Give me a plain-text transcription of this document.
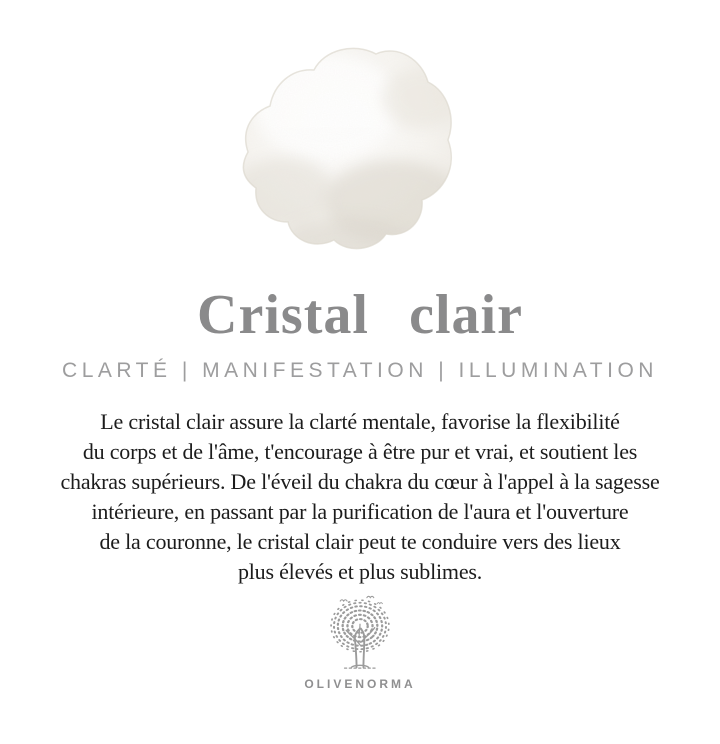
Cristal clair
CLARTÉ | MANIFESTATION | ILLUMINATION
Le cristal clair assure la clarté mentale, favorise la flexibilité
du corps et de l'âme, t'encourage à être pur et vrai, et soutient les
chakras supérieurs. De l'éveil du chakra du cœur à l'appel à la sagesse
intérieure, en passant par la purification de l'aura et l'ouverture
de la couronne, le cristal clair peut te conduire vers des lieux
plus élevés et plus sublimes.
OLIVENORMA
